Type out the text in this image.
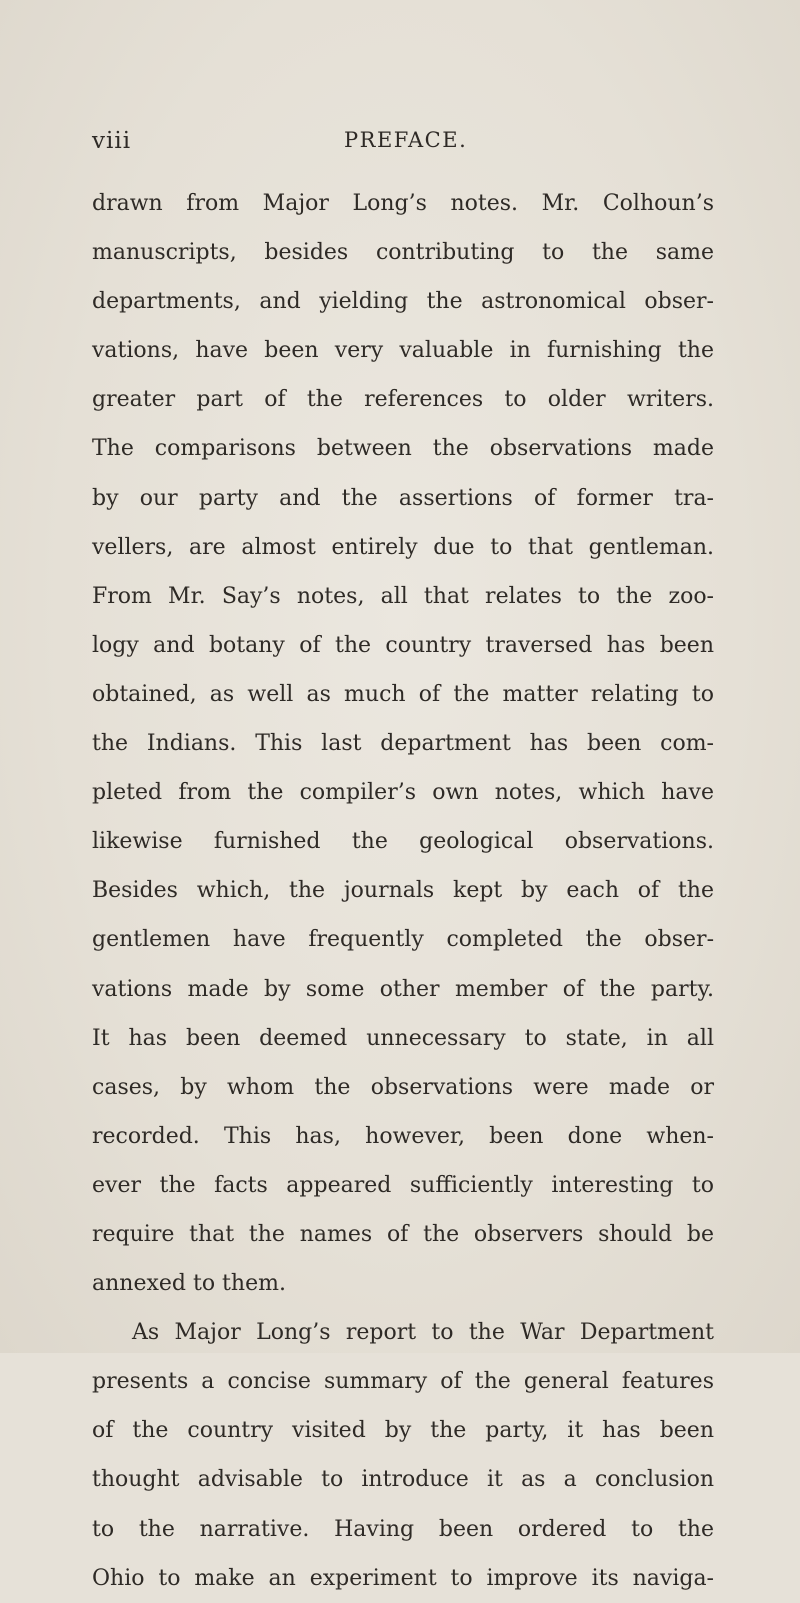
viii	PREFACE.
drawn from Major Long’s notes. Mr. Colhoun’s
manuscripts, besides contributing to the same
departments, and yielding the astronomical obser-
vations, have been very valuable in furnishing the
greater part of the references to older writers.
The comparisons between the observations made
by our party and the assertions of former tra-
vellers, are almost entirely due to that gentleman.
From Mr. Say’s notes, all that relates to the zoo-
logy and botany of the country traversed has been
obtained, as well as much of the matter relating to
the Indians. This last department has been com-
pleted from the compiler’s own notes, which have
likewise furnished the geological observations.
Besides which, the journals kept by each of the
gentlemen have frequently completed the obser-
vations made by some other member of the party.
It has been deemed unnecessary to state, in all
cases, by whom the observations were made or
recorded. This has, however, been done when-
ever the facts appeared sufficiently interesting to
require that the names of the observers should be
annexed to them.
As Major Long’s report to the War Department
presents a concise summary of the general features
of the country visited by the party, it has been
thought advisable to introduce it as a conclusion
to the narrative. Having been ordered to the
Ohio to make an experiment to improve its naviga-
